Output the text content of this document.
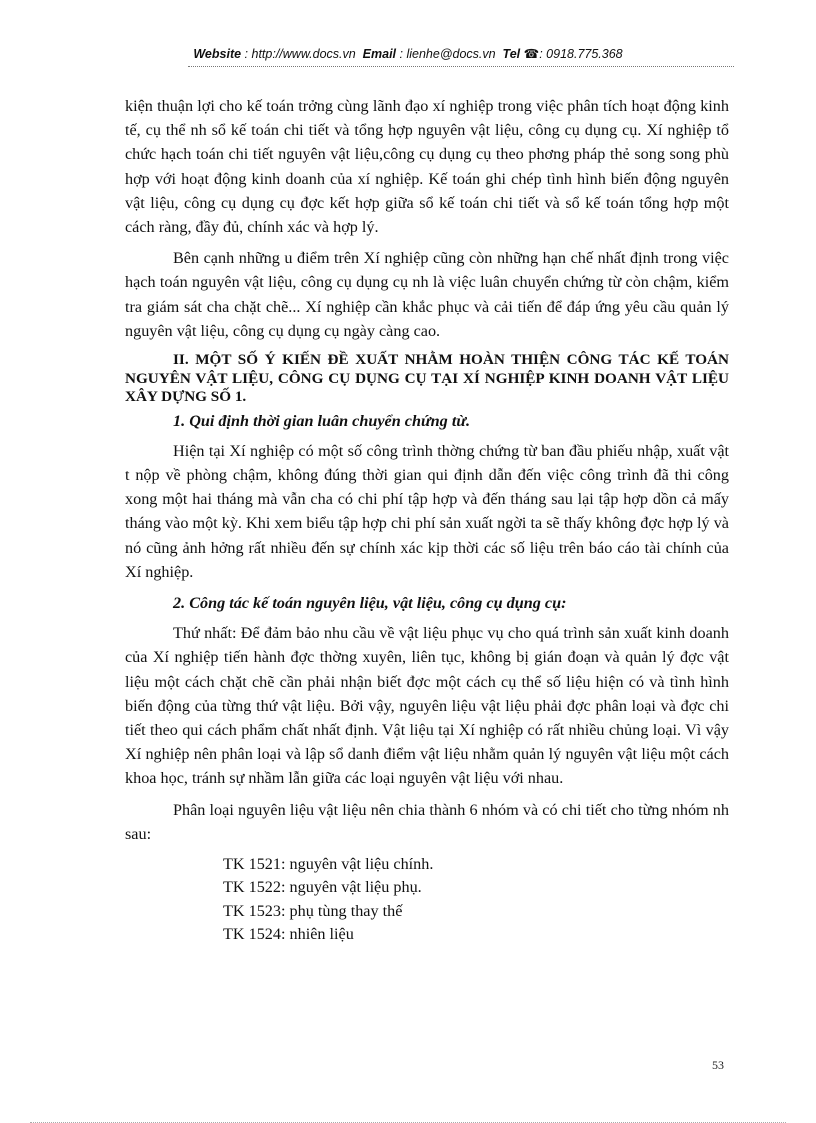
Website : http://www.docs.vn Email : lienhe@docs.vn Tel ☎: 0918.775.368

kiện thuận lợi cho kế toán trởng cùng lãnh đạo xí nghiệp trong việc phân tích hoạt động kinh tế, cụ thể nh sổ kế toán chi tiết và tổng hợp nguyên vật liệu, công cụ dụng cụ. Xí nghiệp tổ chức hạch toán chi tiết nguyên vật liệu,công cụ dụng cụ theo phơng pháp thẻ song song phù hợp với hoạt động kinh doanh của xí nghiệp. Kế toán ghi chép tình hình biến động nguyên vật liệu, công cụ dụng cụ đợc kết hợp giữa sổ kế toán chi tiết và sổ kế toán tổng hợp một cách ràng, đầy đủ, chính xác và hợp lý.

Bên cạnh những u điểm trên Xí nghiệp cũng còn những hạn chế nhất định trong việc hạch toán nguyên vật liệu, công cụ dụng cụ nh là việc luân chuyển chứng từ còn chậm, kiểm tra giám sát cha chặt chẽ... Xí nghiệp cần khắc phục và cải tiến để đáp ứng yêu cầu quản lý nguyên vật liệu, công cụ dụng cụ ngày càng cao.

II. MỘT SỐ Ý KIẾN ĐỀ XUẤT NHẰM HOÀN THIỆN CÔNG TÁC KẾ TOÁN NGUYÊN VẬT LIỆU, CÔNG CỤ DỤNG CỤ TẠI XÍ NGHIỆP KINH DOANH VẬT LIỆU XÂY DỰNG SỐ 1.

1. Qui định thời gian luân chuyển chứng từ.

Hiện tại Xí nghiệp có một số công trình thờng chứng từ ban đầu phiếu nhập, xuất vật t nộp về phòng chậm, không đúng thời gian qui định dẫn đến việc công trình đã thi công xong một hai tháng mà vẫn cha có chi phí tập hợp và đến tháng sau lại tập hợp dồn cả mấy tháng vào một kỳ. Khi xem biểu tập hợp chi phí sản xuất ngời ta sẽ thấy không đợc hợp lý và nó cũng ảnh hởng rất nhiều đến sự chính xác kịp thời các số liệu trên báo cáo tài chính của Xí nghiệp.

2. Công tác kế toán nguyên liệu, vật liệu, công cụ dụng cụ:

Thứ nhất: Để đảm bảo nhu cầu về vật liệu phục vụ cho quá trình sản xuất kinh doanh của Xí nghiệp tiến hành đợc thờng xuyên, liên tục, không bị gián đoạn và quản lý đợc vật liệu một cách chặt chẽ cần phải nhận biết đợc một cách cụ thể số liệu hiện có và tình hình biến động của từng thứ vật liệu. Bởi vậy, nguyên liệu vật liệu phải đợc phân loại và đợc chi tiết theo qui cách phẩm chất nhất định. Vật liệu tại Xí nghiệp có rất nhiều chủng loại. Vì vậy Xí nghiệp nên phân loại và lập sổ danh điểm vật liệu nhằm quản lý nguyên vật liệu một cách khoa học, tránh sự nhầm lẫn giữa các loại nguyên vật liệu với nhau.

Phân loại nguyên liệu vật liệu nên chia thành 6 nhóm và có chi tiết cho từng nhóm nh sau:

TK 1521: nguyên vật liệu chính.
TK 1522: nguyên vật liệu phụ.
TK 1523: phụ tùng thay thế
TK 1524: nhiên liệu
53
